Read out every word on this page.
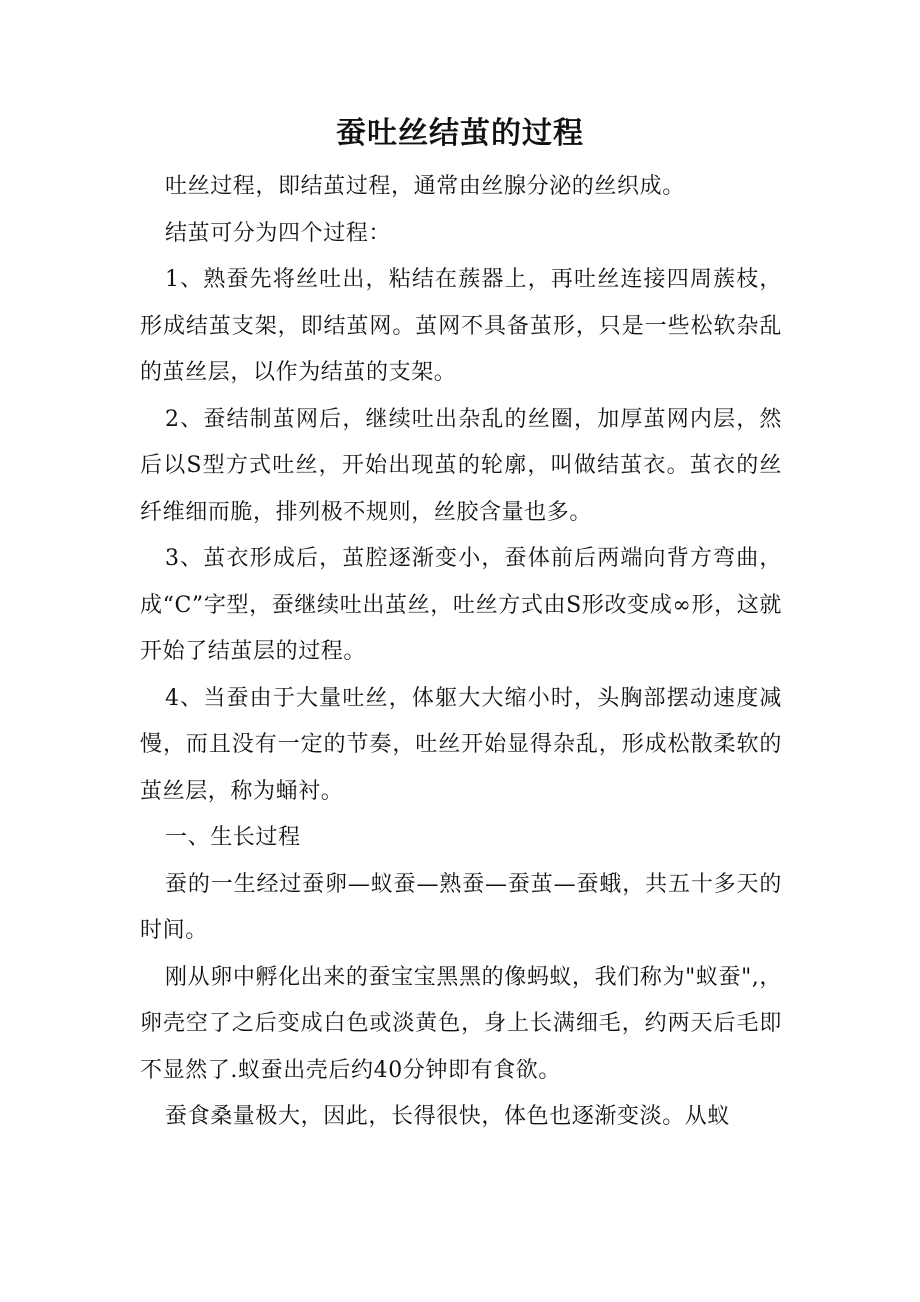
蚕吐丝结茧的过程

吐丝过程，即结茧过程，通常由丝腺分泌的丝织成。

结茧可分为四个过程：

1、熟蚕先将丝吐出，粘结在蔟器上，再吐丝连接四周蔟枝，形成结茧支架，即结茧网。茧网不具备茧形，只是一些松软杂乱的茧丝层，以作为结茧的支架。

2、蚕结制茧网后，继续吐出杂乱的丝圈，加厚茧网内层，然后以S型方式吐丝，开始出现茧的轮廓，叫做结茧衣。茧衣的丝纤维细而脆，排列极不规则，丝胶含量也多。

3、茧衣形成后，茧腔逐渐变小，蚕体前后两端向背方弯曲，成“C”字型，蚕继续吐出茧丝，吐丝方式由S形改变成∞形，这就开始了结茧层的过程。

4、当蚕由于大量吐丝，体躯大大缩小时，头胸部摆动速度减慢，而且没有一定的节奏，吐丝开始显得杂乱，形成松散柔软的茧丝层，称为蛹衬。

一、生长过程

蚕的一生经过蚕卵—蚁蚕—熟蚕—蚕茧—蚕蛾，共五十多天的时间。

刚从卵中孵化出来的蚕宝宝黑黑的像蚂蚁，我们称为"蚁蚕",，卵壳空了之后变成白色或淡黄色，身上长满细毛，约两天后毛即不显然了.蚁蚕出壳后约40分钟即有食欲。

蚕食桑量极大，因此，长得很快，体色也逐渐变淡。从蚁
